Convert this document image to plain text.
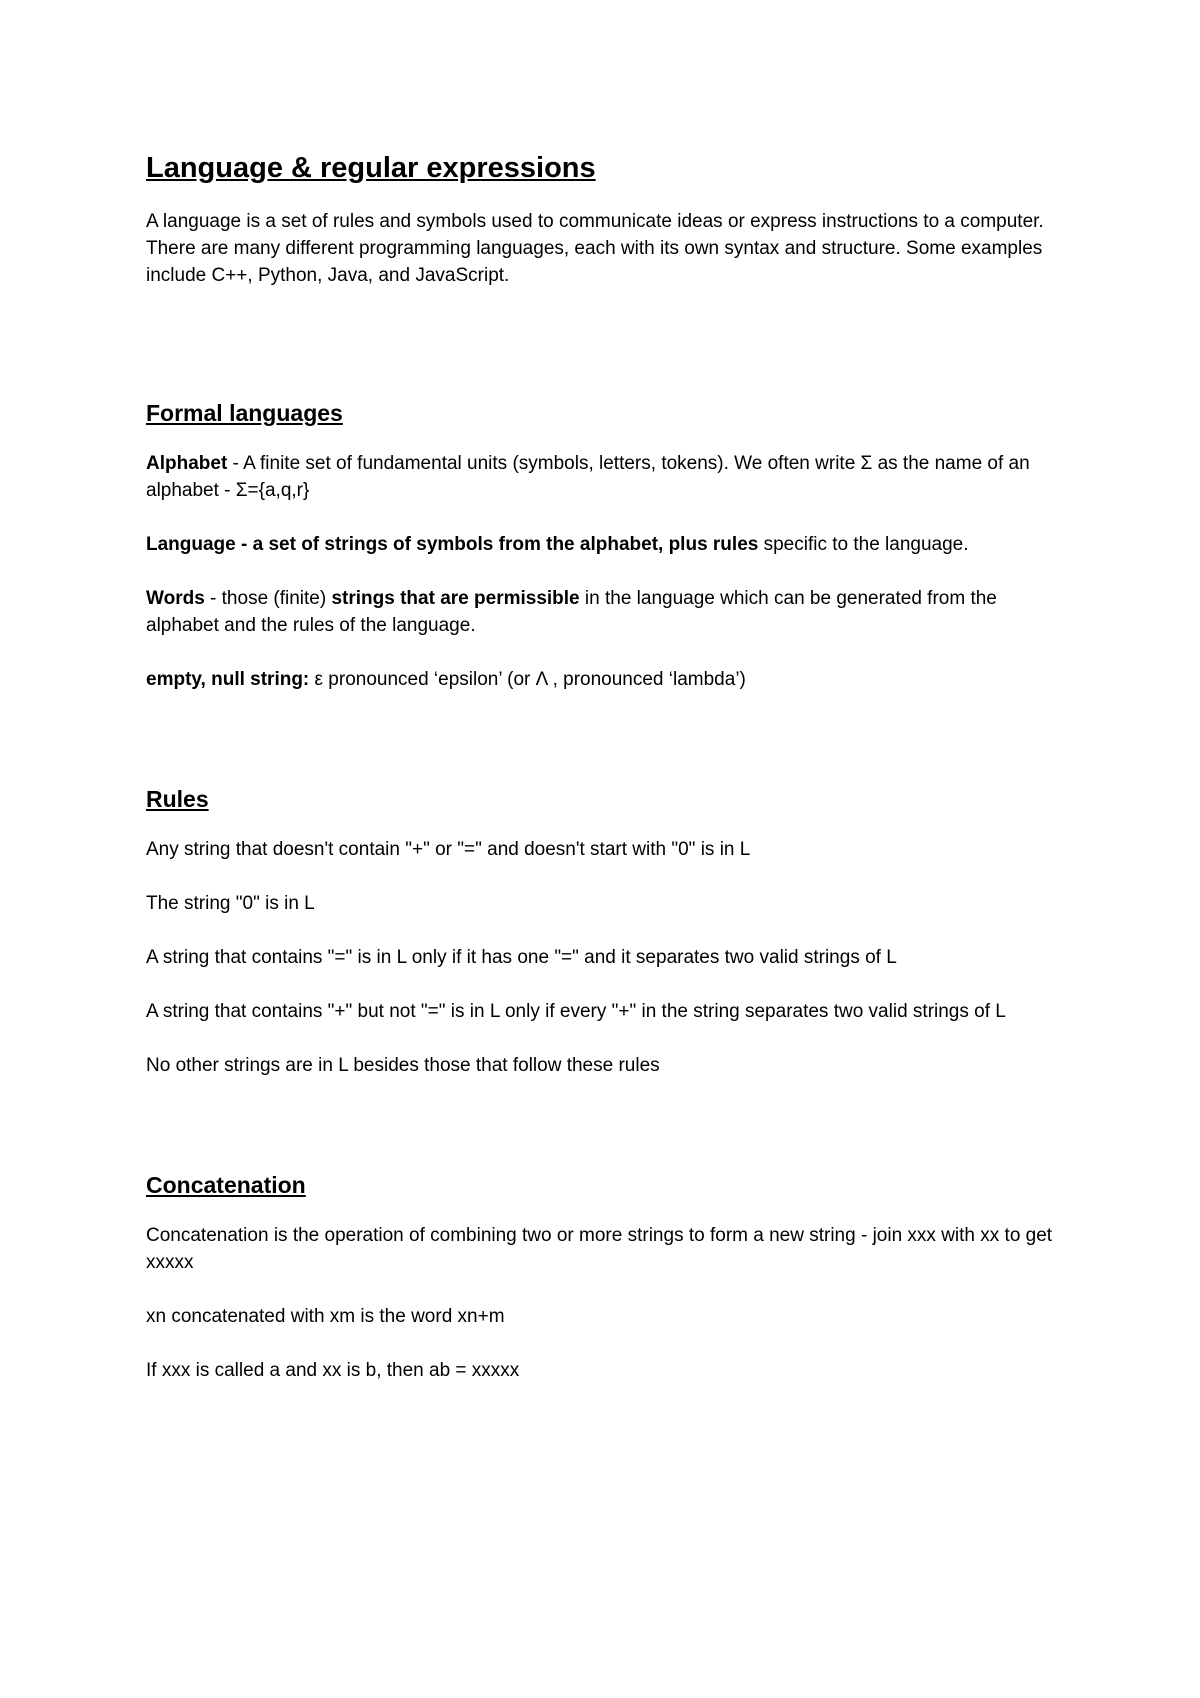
Language & regular expressions

A language is a set of rules and symbols used to communicate ideas or express instructions to a computer. There are many different programming languages, each with its own syntax and structure. Some examples include C++, Python, Java, and JavaScript.

Formal languages

Alphabet - A finite set of fundamental units (symbols, letters, tokens). We often write Σ as the name of an alphabet - Σ={a,q,r}

Language - a set of strings of symbols from the alphabet, plus rules specific to the language.

Words - those (finite) strings that are permissible in the language which can be generated from the alphabet and the rules of the language.

empty, null string: ε pronounced ‘epsilon’ (or Λ , pronounced ‘lambda’)

Rules

Any string that doesn't contain "+" or "=" and doesn't start with "0" is in L

The string "0" is in L

A string that contains "=" is in L only if it has one "=" and it separates two valid strings of L

A string that contains "+" but not "=" is in L only if every "+" in the string separates two valid strings of L

No other strings are in L besides those that follow these rules

Concatenation

Concatenation is the operation of combining two or more strings to form a new string - join xxx with xx to get xxxxx

xn concatenated with xm is the word xn+m

If xxx is called a and xx is b, then ab = xxxxx
